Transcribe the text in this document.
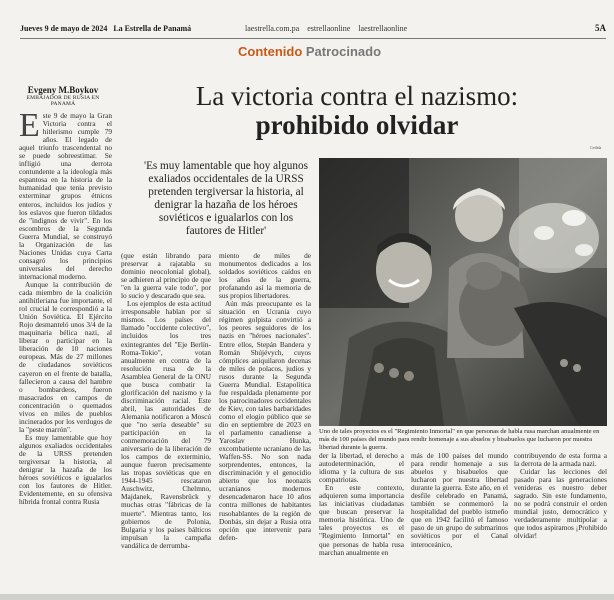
Jueves 9 de mayo de 2024 La Estrella de Panamá	laestrella.com.pa estrellaonline laestrellaonline	5A
Contenido Patrocinado
Evgeny M.Boykov
EMBAJADOR DE RUSIA EN PANAMÁ	La victoria contra el nazismo:
prohibido olvidar
Cedida
E ste 9 de mayo la Gran Victoria contra el hitlerismo cumple 79 años. El legado de aquel triunfo trascendental no se puede sobreestimar. Se infligió una derrota contundente a la ideología más espantosa en la historia de la humanidad que tenía previsto exterminar grupos étnicos enteros, incluidos los judíos y los eslavos que fueron tildados de "indignos de vivir". En los escombros de la Segunda Guerra Mundial, se construyó la Organización de las Naciones Unidas cuya Carta consagró los principios universales del derecho internacional moderno.

Aunque la contribución de cada miembro de la coalición antihitleriana fue importante, el rol crucial le correspondió a la Unión Soviética. El Ejército Rojo desmanteló unos 3/4 de la maquinaria bélica nazi, al liberar o participar en la liberación de 10 naciones europeas. Más de 27 millones de ciudadanos soviéticos cayeron en el frente de batalla, fallecieron a causa del hambre o bombardeos, fueron masacrados en campos de concentración o quemados vivos en miles de pueblos incinerados por los verdugos de la "peste marrón".

Es muy lamentable que hoy algunos exaliados occidentales de la URSS pretenden tergiversar la historia, al denigrar la hazaña de los héroes soviéticos e igualarlos con los fautores de Hitler. Evidentemente, en su ofensiva híbrida frontal contra Rusia

'Es muy lamentable que hoy algunos exaliados occidentales de la URSS pretenden tergiversar la historia, al denigrar la hazaña de los héroes soviéticos e igualarlos con los fautores de Hitler'

(que están librando para preservar a rajatabla su dominio neocolonial global), se adhieren al principio de que "en la guerra vale todo", por lo sucio y descarado que sea.

Los ejemplos de esta actitud irresponsable hablan por sí mismos. Los países del llamado "occidente colectivo", incluidos los tres exintegrantes del "Eje Berlín-Roma-Tokio", votan anualmente en contra de la resolución rusa de la Asamblea General de la ONU que busca combatir la glorificación del nazismo y la discriminación racial. Este abril, las autoridades de Alemania notificaron a Moscú que "no sería deseable" su participación en la conmemoración del 79 aniversario de la liberación de los campos de exterminio, aunque fueron precisamente las tropas soviéticas que en 1944-1945 rescataron Auschwitz, Chelmno, Majdanek, Ravensbrück y muchas otras "fábricas de la muerte". Mientras tanto, los gobiernos de Polonia, Bulgaria y los países bálticos impulsan la campaña vandálica de derrumba-

miento de miles de monumentos dedicados a los soldados soviéticos caídos en los años de la guerra, profanando así la memoria de sus propios libertadores.

Aún más preocupante es la situación en Ucrania cuyo régimen golpista convirtió a los peores seguidores de los nazis en "héroes nacionales". Entre ellos, Stepán Bandera y Román Shújévych, cuyos cómplices aniquilaron decenas de miles de polacos, judíos y rusos durante la Segunda Guerra Mundial. Estapolítica fue respaldada plenamente por los patrocinadores occidentales de Kiev, con tales barbaridades como el elogio público que se dio en septiembre de 2023 en el parlamento canadiense a Yaroslav Hunka, excombatiente ucraniano de las Waffen-SS. No son nada sorprendentes, entonces, la discriminación y el genocidio abierto que los neonazis ucranianos modernos desencadenaron hace 10 años contra millones de habitantes rusohablantes de la región de Donbás, sin dejar a Rusia otra opción que intervenir para defen-

Uno de tales proyectos es el "Regimiento Inmortal" en que personas de habla rusa marchan anualmente en más de 100 países del mundo para rendir homenaje a sus abuelos y bisabuelos que lucharon por nuestra libertad durante la guerra.

der la libertad, el derecho a autodeterminación, el idioma y la cultura de sus compatriotas.

En este contexto, adquieren suma importancia las iniciativas ciudadanas que buscan preservar la memoria histórica. Uno de tales proyectos es el "Regimiento Inmortal" en que personas de habla rusa marchan anualmente en

más de 100 países del mundo para rendir homenaje a sus abuelos y bisabuelos que lucharon por nuestra libertad durante la guerra. Este año, en el desfile celebrado en Panamá, también se conmemoró la hospitalidad del pueblo istmeño que en 1942 facilitó el famoso paso de un grupo de submarinos soviéticos por el Canal interoceánico,

contribuyendo de esta forma a la derrota de la armada nazi.

Cuidar las lecciones del pasado para las generaciones venideras es nuestro deber sagrado. Sin este fundamento, no se podrá construir el orden mundial justo, democrático y verdaderamente multipolar a que todos aspiramos ¡Prohibido olvidar!
